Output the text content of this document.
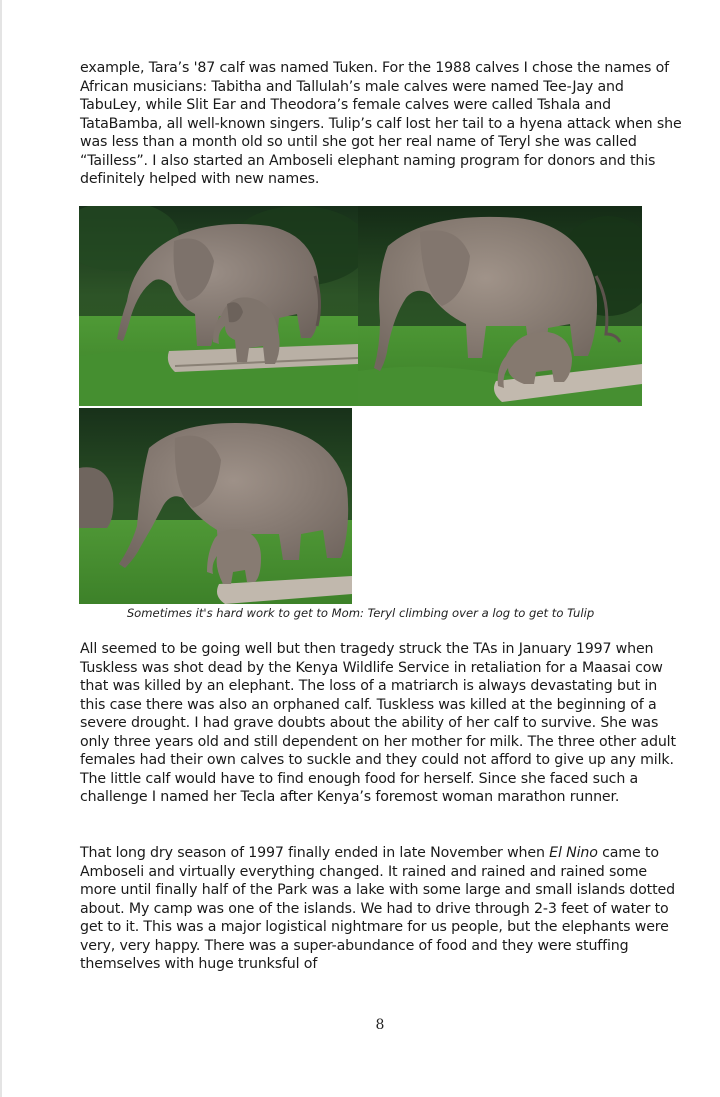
example, Tara’s '87 calf was named Tuken. For the 1988 calves I chose the names of African musicians: Tabitha and Tallulah’s male calves were named Tee-Jay and TabuLey, while Slit Ear and Theodora’s female calves were called Tshala and TataBamba, all well-known singers. Tulip’s calf lost her tail to a hyena attack when she was less than a month old so until she got her real name of Teryl she was called “Tailless”. I also started an Amboseli elephant naming program for donors and this definitely helped with new names.

Sometimes it's hard work to get to Mom: Teryl climbing over a log to get to Tulip

All seemed to be going well but then tragedy struck the TAs in January 1997 when Tuskless was shot dead by the Kenya Wildlife Service in retaliation for a Maasai cow that was killed by an elephant. The loss of a matriarch is always devastating but in this case there was also an orphaned calf. Tuskless was killed at the beginning of a severe drought. I had grave doubts about the ability of her calf to survive. She was only three years old and still dependent on her mother for milk. The three other adult females had their own calves to suckle and they could not afford to give up any milk. The little calf would have to find enough food for herself. Since she faced such a challenge I named her Tecla after Kenya’s foremost woman marathon runner.

That long dry season of 1997 finally ended in late November when El Nino came to Amboseli and virtually everything changed. It rained and rained and rained some more until finally half of the Park was a lake with some large and small islands dotted about. My camp was one of the islands. We had to drive through 2-3 feet of water to get to it. This was a major logistical nightmare for us people, but the elephants were very, very happy. There was a super-abundance of food and they were stuffing themselves with huge trunksful of

8
